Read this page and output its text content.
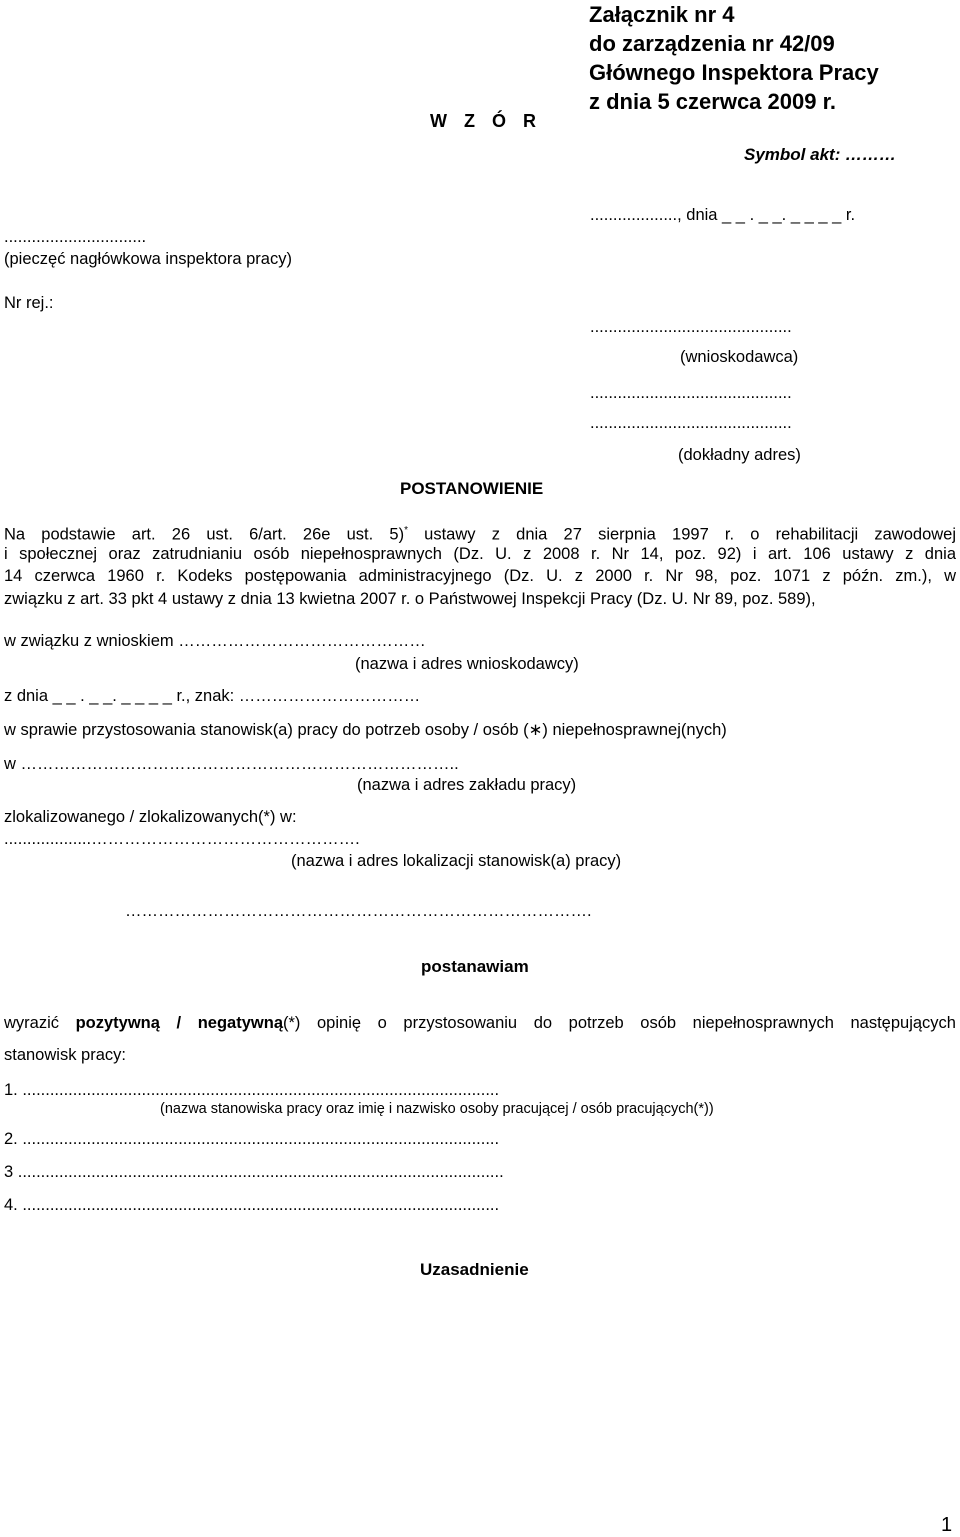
W Z Ó R
Załącznik nr 4
do zarządzenia nr 42/09
Głównego Inspektora Pracy
z dnia 5 czerwca 2009 r.
Symbol akt: ………
...............................
(pieczęć nagłówkowa inspektora pracy)
..................., dnia _ _ . _ _. _ _ _ _ r.
Nr rej.:
............................................
(wnioskodawca)
............................................
............................................
(dokładny adres)
POSTANOWIENIE
Na podstawie art. 26 ust. 6/art. 26e ust. 5)* ustawy z dnia 27 sierpnia 1997 r. o rehabilitacji zawodowej
i społecznej oraz zatrudnianiu osób niepełnosprawnych (Dz. U. z 2008 r. Nr 14, poz. 92) i art. 106 ustawy z dnia
14 czerwca 1960 r. Kodeks postępowania administracyjnego (Dz. U. z 2000 r. Nr 98, poz. 1071 z późn. zm.), w
związku z art. 33 pkt 4 ustawy z dnia 13 kwietna 2007 r. o Państwowej Inspekcji Pracy (Dz. U. Nr 89, poz. 589),
w związku z wnioskiem ………………………………………
(nazwa i adres wnioskodawcy)
z dnia _ _ . _ _. _ _ _ _ r., znak: ……………………………
w sprawie przystosowania stanowisk(a) pracy do potrzeb osoby / osób (∗) niepełnosprawnej(nych)
w ……………………………………………………………………..
(nazwa i adres zakładu pracy)
zlokalizowanego / zlokalizowanych(*) w:
...................………………………………………….
(nazwa i adres lokalizacji stanowisk(a) pracy)
………………………………………………………………………….
postanawiam
wyrazić pozytywną / negatywną(*) opinię o przystosowaniu do potrzeb osób niepełnosprawnych następujących
stanowisk pracy:
1. ........................................................................................................
(nazwa stanowiska pracy oraz imię i nazwisko osoby pracującej / osób pracujących(*))
2. ........................................................................................................
3 ..........................................................................................................
4. ........................................................................................................
Uzasadnienie
1
